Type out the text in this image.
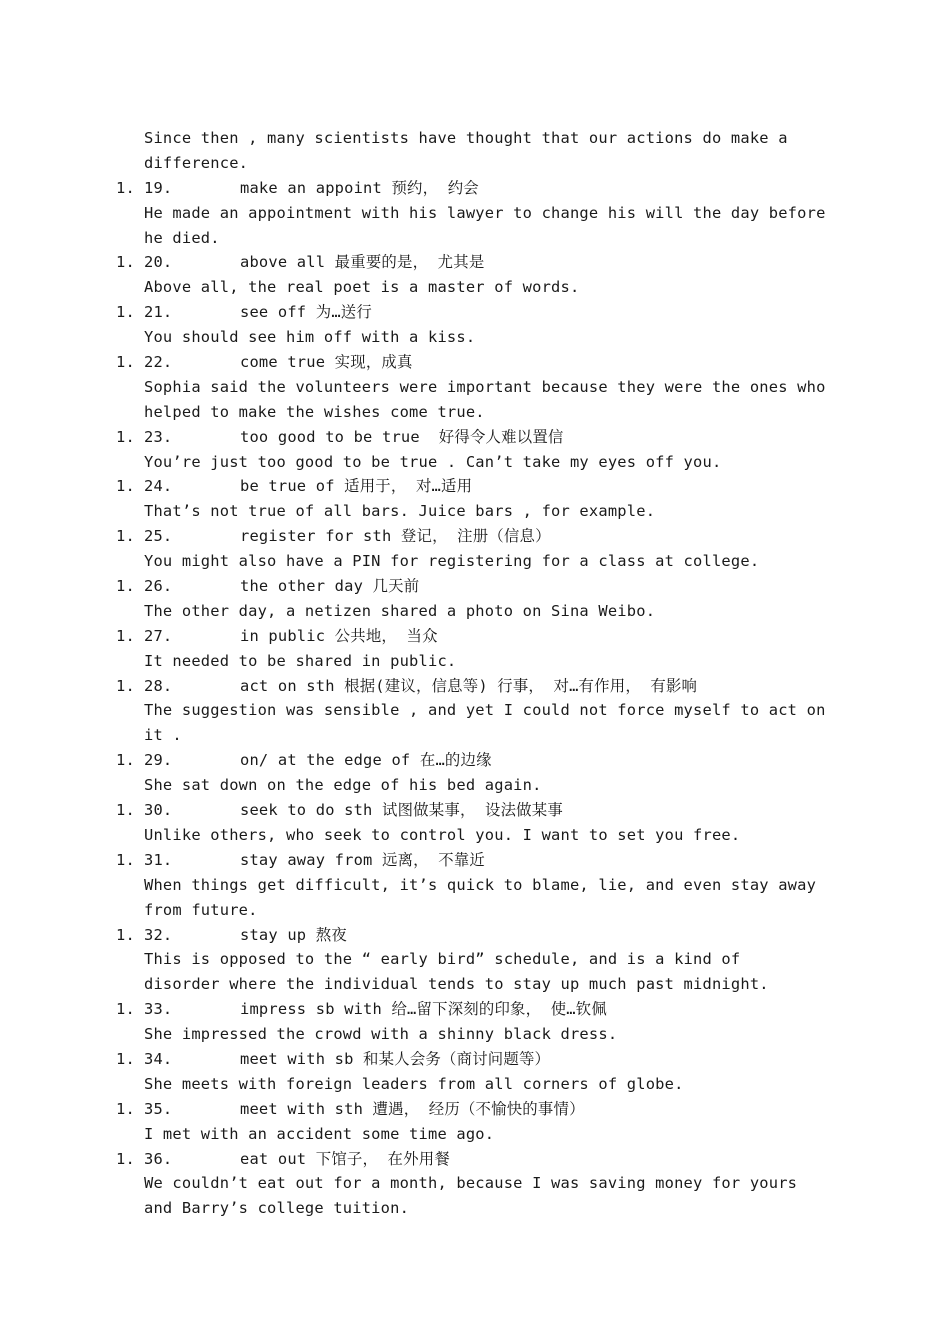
Since then , many scientists have thought that our actions do make a
difference.
1. 19.	make an appoint 预约， 约会
He made an appointment with his lawyer to change his will the day before
he died.
1. 20.	above all 最重要的是， 尤其是
Above all, the real poet is a master of words.
1. 21.	see off 为…送行
You should see him off with a kiss.
1. 22.	come true 实现，成真
Sophia said the volunteers were important because they were the ones who
helped to make the wishes come true.
1. 23.	too good to be true  好得令人难以置信
You’re just too good to be true . Can’t take my eyes off you.
1. 24.	be true of 适用于， 对…适用
That’s not true of all bars. Juice bars , for example.
1. 25.	register for sth 登记， 注册（信息）
You might also have a PIN for registering for a class at college.
1. 26.	the other day 几天前
The other day, a netizen shared a photo on Sina Weibo.
1. 27.	in public 公共地， 当众
It needed to be shared in public.
1. 28.	act on sth 根据(建议，信息等) 行事， 对…有作用， 有影响
The suggestion was sensible , and yet I could not force myself to act on
it .
1. 29.	on/ at the edge of 在…的边缘
She sat down on the edge of his bed again.
1. 30.	seek to do sth 试图做某事， 设法做某事
Unlike others, who seek to control you. I want to set you free.
1. 31.	stay away from 远离， 不靠近
When things get difficult, it’s quick to blame, lie, and even stay away
from future.
1. 32.	stay up 熬夜
This is opposed to the “ early bird” schedule, and is a kind of
disorder where the individual tends to stay up much past midnight.
1. 33.	impress sb with 给…留下深刻的印象， 使…钦佩
She impressed the crowd with a shinny black dress.
1. 34.	meet with sb 和某人会务（商讨问题等）
She meets with foreign leaders from all corners of globe.
1. 35.	meet with sth 遭遇， 经历（不愉快的事情）
I met with an accident some time ago.
1. 36.	eat out 下馆子， 在外用餐
We couldn’t eat out for a month, because I was saving money for yours
and Barry’s college tuition.
